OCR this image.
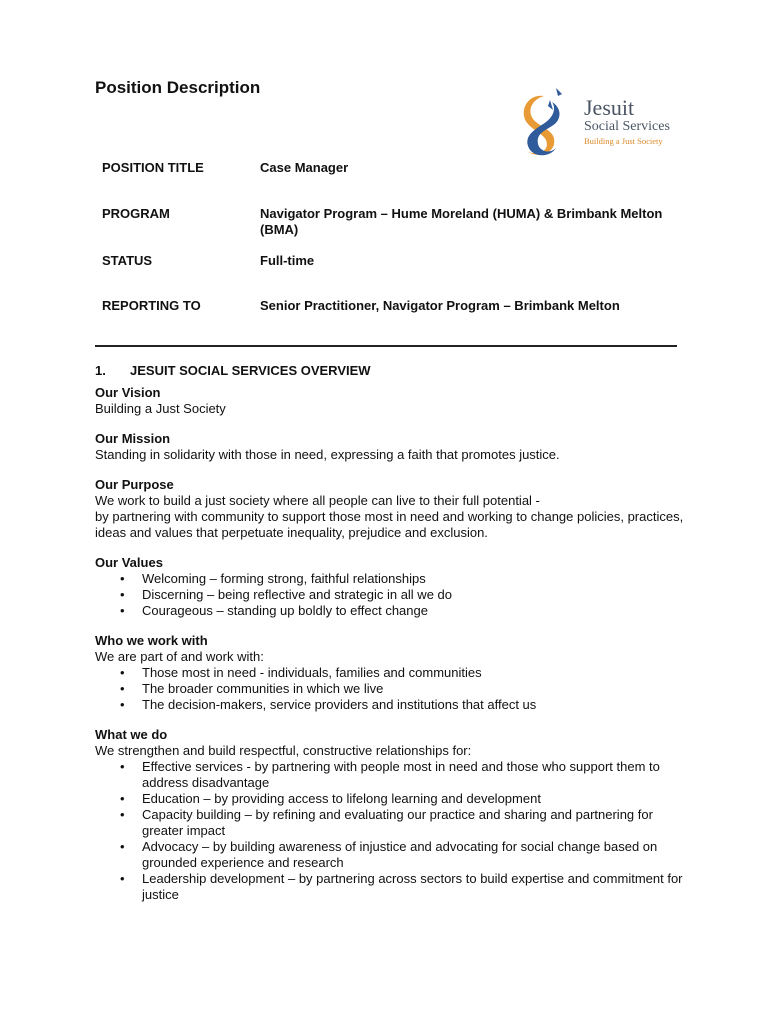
Position Description
Jesuit
Social Services
Building a Just Society
POSITION TITLE	Case Manager
PROGRAM	Navigator Program – Hume Moreland (HUMA) & Brimbank Melton (BMA)
STATUS	Full-time
REPORTING TO	Senior Practitioner, Navigator Program – Brimbank Melton
1.	JESUIT SOCIAL SERVICES OVERVIEW
Our Vision

Building a Just Society

Our Mission

Standing in solidarity with those in need, expressing a faith that promotes justice.

Our Purpose

We work to build a just society where all people can live to their full potential -

by partnering with community to support those most in need and working to change policies, practices, ideas and values that perpetuate inequality, prejudice and exclusion.

Our Values
• Welcoming – forming strong, faithful relationships
• Discerning – being reflective and strategic in all we do
• Courageous – standing up boldly to effect change
Who we work with

We are part of and work with:

• Those most in need - individuals, families and communities
• The broader communities in which we live
• The decision-makers, service providers and institutions that affect us
What we do

We strengthen and build respectful, constructive relationships for:

• Effective services - by partnering with people most in need and those who support them to address disadvantage
• Education – by providing access to lifelong learning and development
• Capacity building – by refining and evaluating our practice and sharing and partnering for greater impact
• Advocacy – by building awareness of injustice and advocating for social change based on grounded experience and research
• Leadership development – by partnering across sectors to build expertise and commitment for justice
